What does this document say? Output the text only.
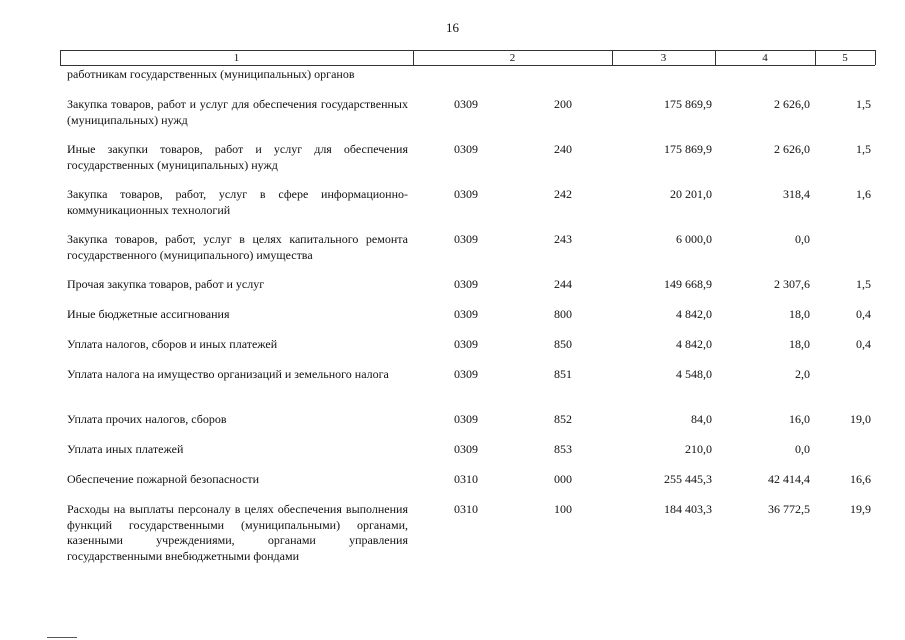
16
1	2	3	4	5
работникам государственных (муниципальных) органов
Закупка товаров, работ и услуг для обеспечения государственных (муниципальных) нужд
0309	200	175 869,9	2 626,0	1,5
Иные закупки товаров, работ и услуг для обеспечения государственных (муниципальных) нужд
0309	240	175 869,9	2 626,0	1,5
Закупка товаров, работ, услуг в сфере информационно-коммуникационных технологий
0309	242	20 201,0	318,4	1,6
Закупка товаров, работ, услуг в целях капитального ремонта государственного (муниципального) имущества
0309	243	6 000,0	0,0
Прочая закупка товаров, работ и услуг	0309	244	149 668,9	2 307,6	1,5
Иные бюджетные ассигнования	0309	800	4 842,0	18,0	0,4
Уплата налогов, сборов и иных платежей	0309	850	4 842,0	18,0	0,4
Уплата налога на имущество организаций и земельного налога	0309	851	4 548,0	2,0
Уплата прочих налогов, сборов	0309	852	84,0	16,0	19,0
Уплата иных платежей	0309	853	210,0	0,0
Обеспечение пожарной безопасности	0310	000	255 445,3	42 414,4	16,6
Расходы на выплаты персоналу в целях обеспечения выполнения функций государственными (муниципальными) органами, казенными учреждениями, органами управления государственными внебюджетными фондами
0310	100	184 403,3	36 772,5	19,9
